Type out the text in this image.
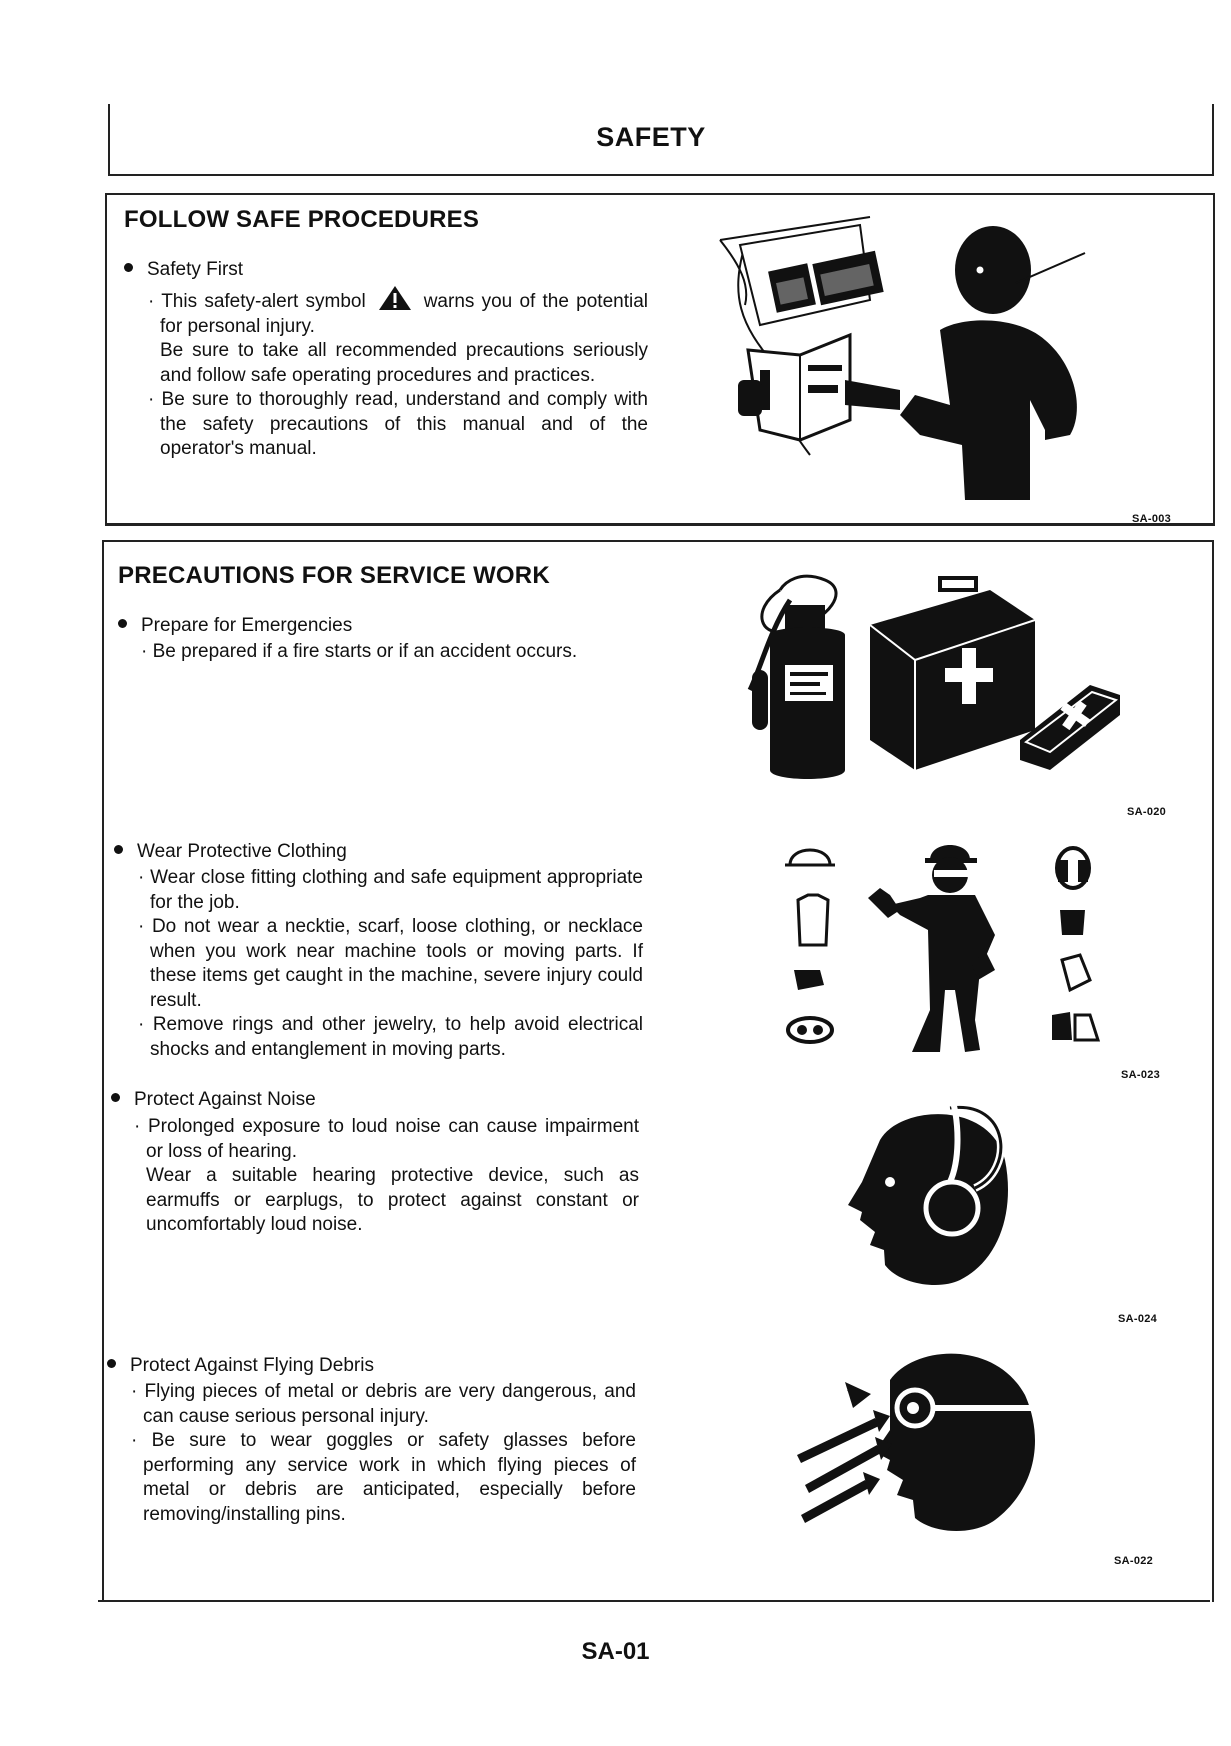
SAFETY
FOLLOW SAFE PROCEDURES
Safety First

· This safety-alert symbol	warns you of the potential for personal injury.

Be sure to take all recommended precautions seriously and follow safe operating procedures and practices.

· Be sure to thoroughly read, understand and comply with the safety precautions of this manual and of the operator's manual.

SA-003
PRECAUTIONS FOR SERVICE WORK
Prepare for Emergencies

· Be prepared if a fire starts or if an accident occurs.

SA-020
Wear Protective Clothing

· Wear close fitting clothing and safe equipment appropriate for the job.

· Do not wear a necktie, scarf, loose clothing, or necklace when you work near machine tools or moving parts. If these items get caught in the machine, severe injury could result.

· Remove rings and other jewelry, to help avoid electrical shocks and entanglement in moving parts.

SA-023
Protect Against Noise

· Prolonged exposure to loud noise can cause impairment or loss of hearing.

Wear a suitable hearing protective device, such as earmuffs or earplugs, to protect against constant or uncomfortably loud noise.

SA-024
Protect Against Flying Debris

· Flying pieces of metal or debris are very dangerous, and can cause serious personal injury.

· Be sure to wear goggles or safety glasses before performing any service work in which flying pieces of metal or debris are anticipated, especially before removing/installing pins.

SA-022
SA-01
